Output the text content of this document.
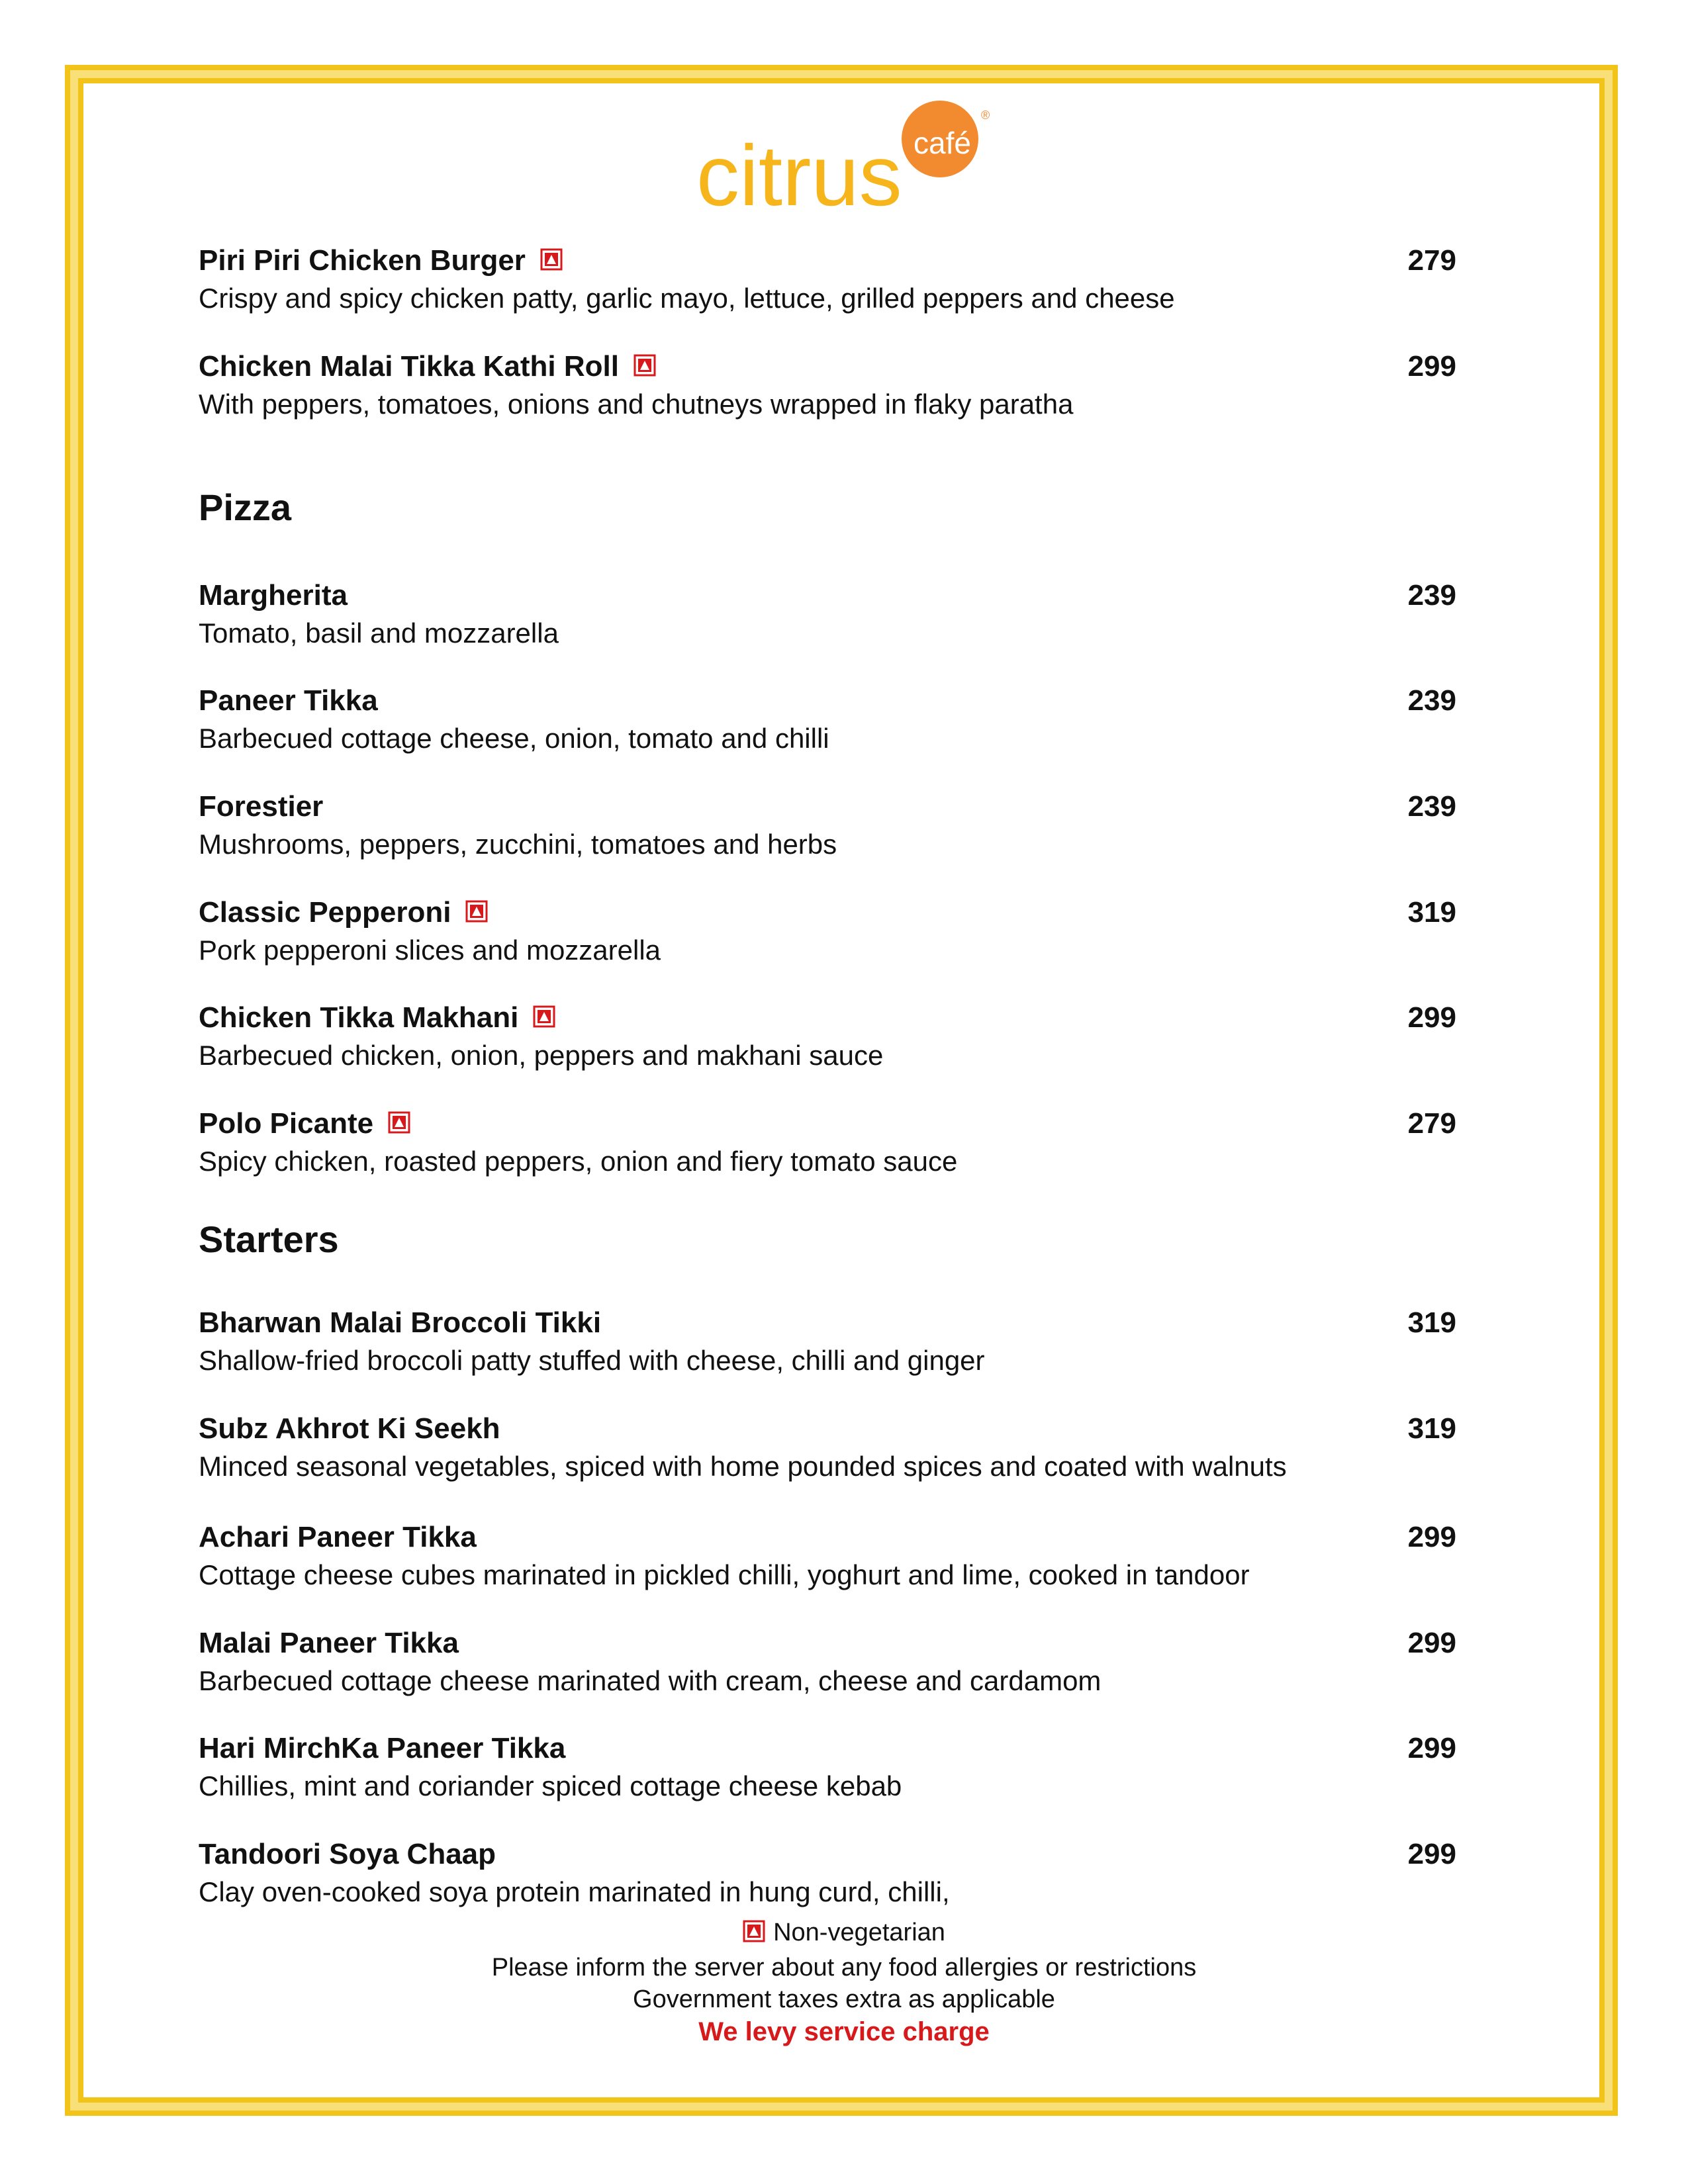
citrus café
®
Piri Piri Chicken Burger	279
Crispy and spicy chicken patty, garlic mayo, lettuce, grilled peppers and cheese
Chicken Malai Tikka Kathi Roll	299
With peppers, tomatoes, onions and chutneys wrapped in flaky paratha
Pizza
Margherita	239
Tomato, basil and mozzarella
Paneer Tikka	239
Barbecued cottage cheese, onion, tomato and chilli
Forestier	239
Mushrooms, peppers, zucchini, tomatoes and herbs
Classic Pepperoni	319
Pork pepperoni slices and mozzarella
Chicken Tikka Makhani	299
Barbecued chicken, onion, peppers and makhani sauce
Polo Picante	279
Spicy chicken, roasted peppers, onion and fiery tomato sauce
Starters
Bharwan Malai Broccoli Tikki	319
Shallow-fried broccoli patty stuffed with cheese, chilli and ginger
Subz Akhrot Ki Seekh	319
Minced seasonal vegetables, spiced with home pounded spices and coated with walnuts
Achari Paneer Tikka	299
Cottage cheese cubes marinated in pickled chilli, yoghurt and lime, cooked in tandoor
Malai Paneer Tikka	299
Barbecued cottage cheese marinated with cream, cheese and cardamom
Hari MirchKa Paneer Tikka	299
Chillies, mint and coriander spiced cottage cheese kebab
Tandoori Soya Chaap	299
Clay oven-cooked soya protein marinated in hung curd, chilli,
Non-vegetarian
Please inform the server about any food allergies or restrictions
Government taxes extra as applicable
We levy service charge
